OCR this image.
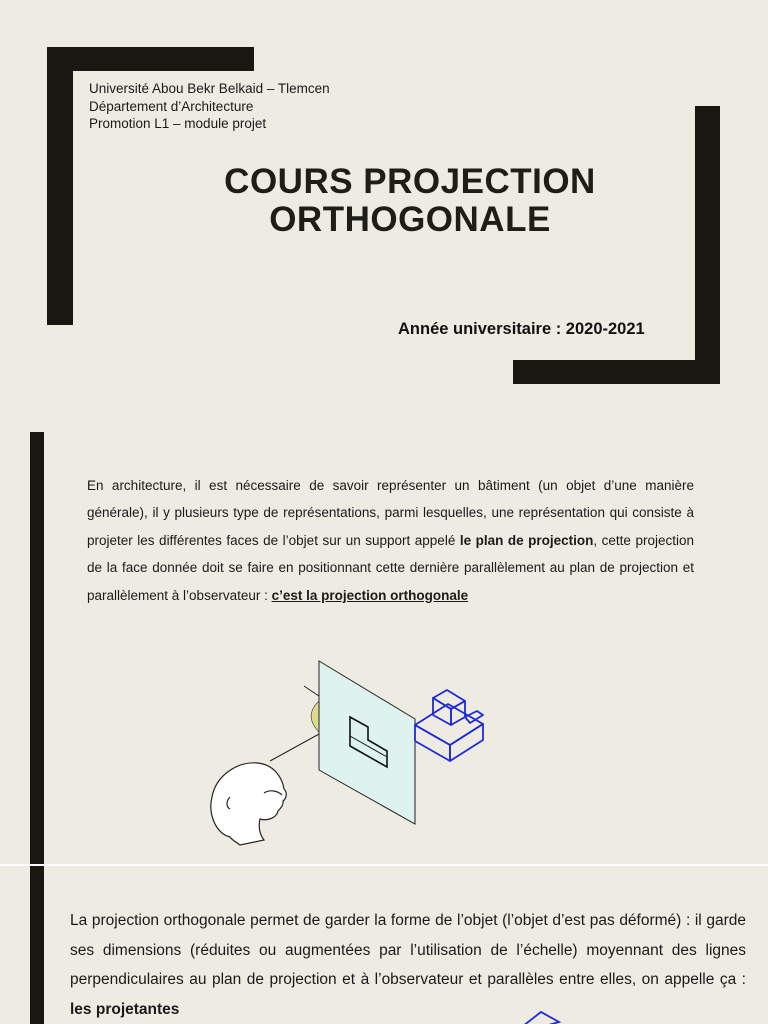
Université Abou Bekr Belkaid – Tlemcen
Département d’Architecture
Promotion L1 – module projet
COURS PROJECTION
ORTHOGONALE
Année universitaire : 2020-2021
En architecture, il est nécessaire de savoir représenter un bâtiment (un objet d’une manière générale), il y plusieurs type de représentations, parmi lesquelles, une représentation qui consiste à projeter les différentes faces de l’objet sur un support appelé le plan de projection, cette projection de la face donnée doit se faire en positionnant cette dernière parallèlement au plan de projection et parallèlement à l’observateur : c’est la projection orthogonale
La projection orthogonale permet de garder la forme de l’objet (l’objet d’est pas déformé) : il garde ses dimensions (réduites ou augmentées par l’utilisation de l’échelle) moyennant des lignes perpendiculaires au plan de projection et à l’observateur et parallèles entre elles, on appelle ça : les projetantes
